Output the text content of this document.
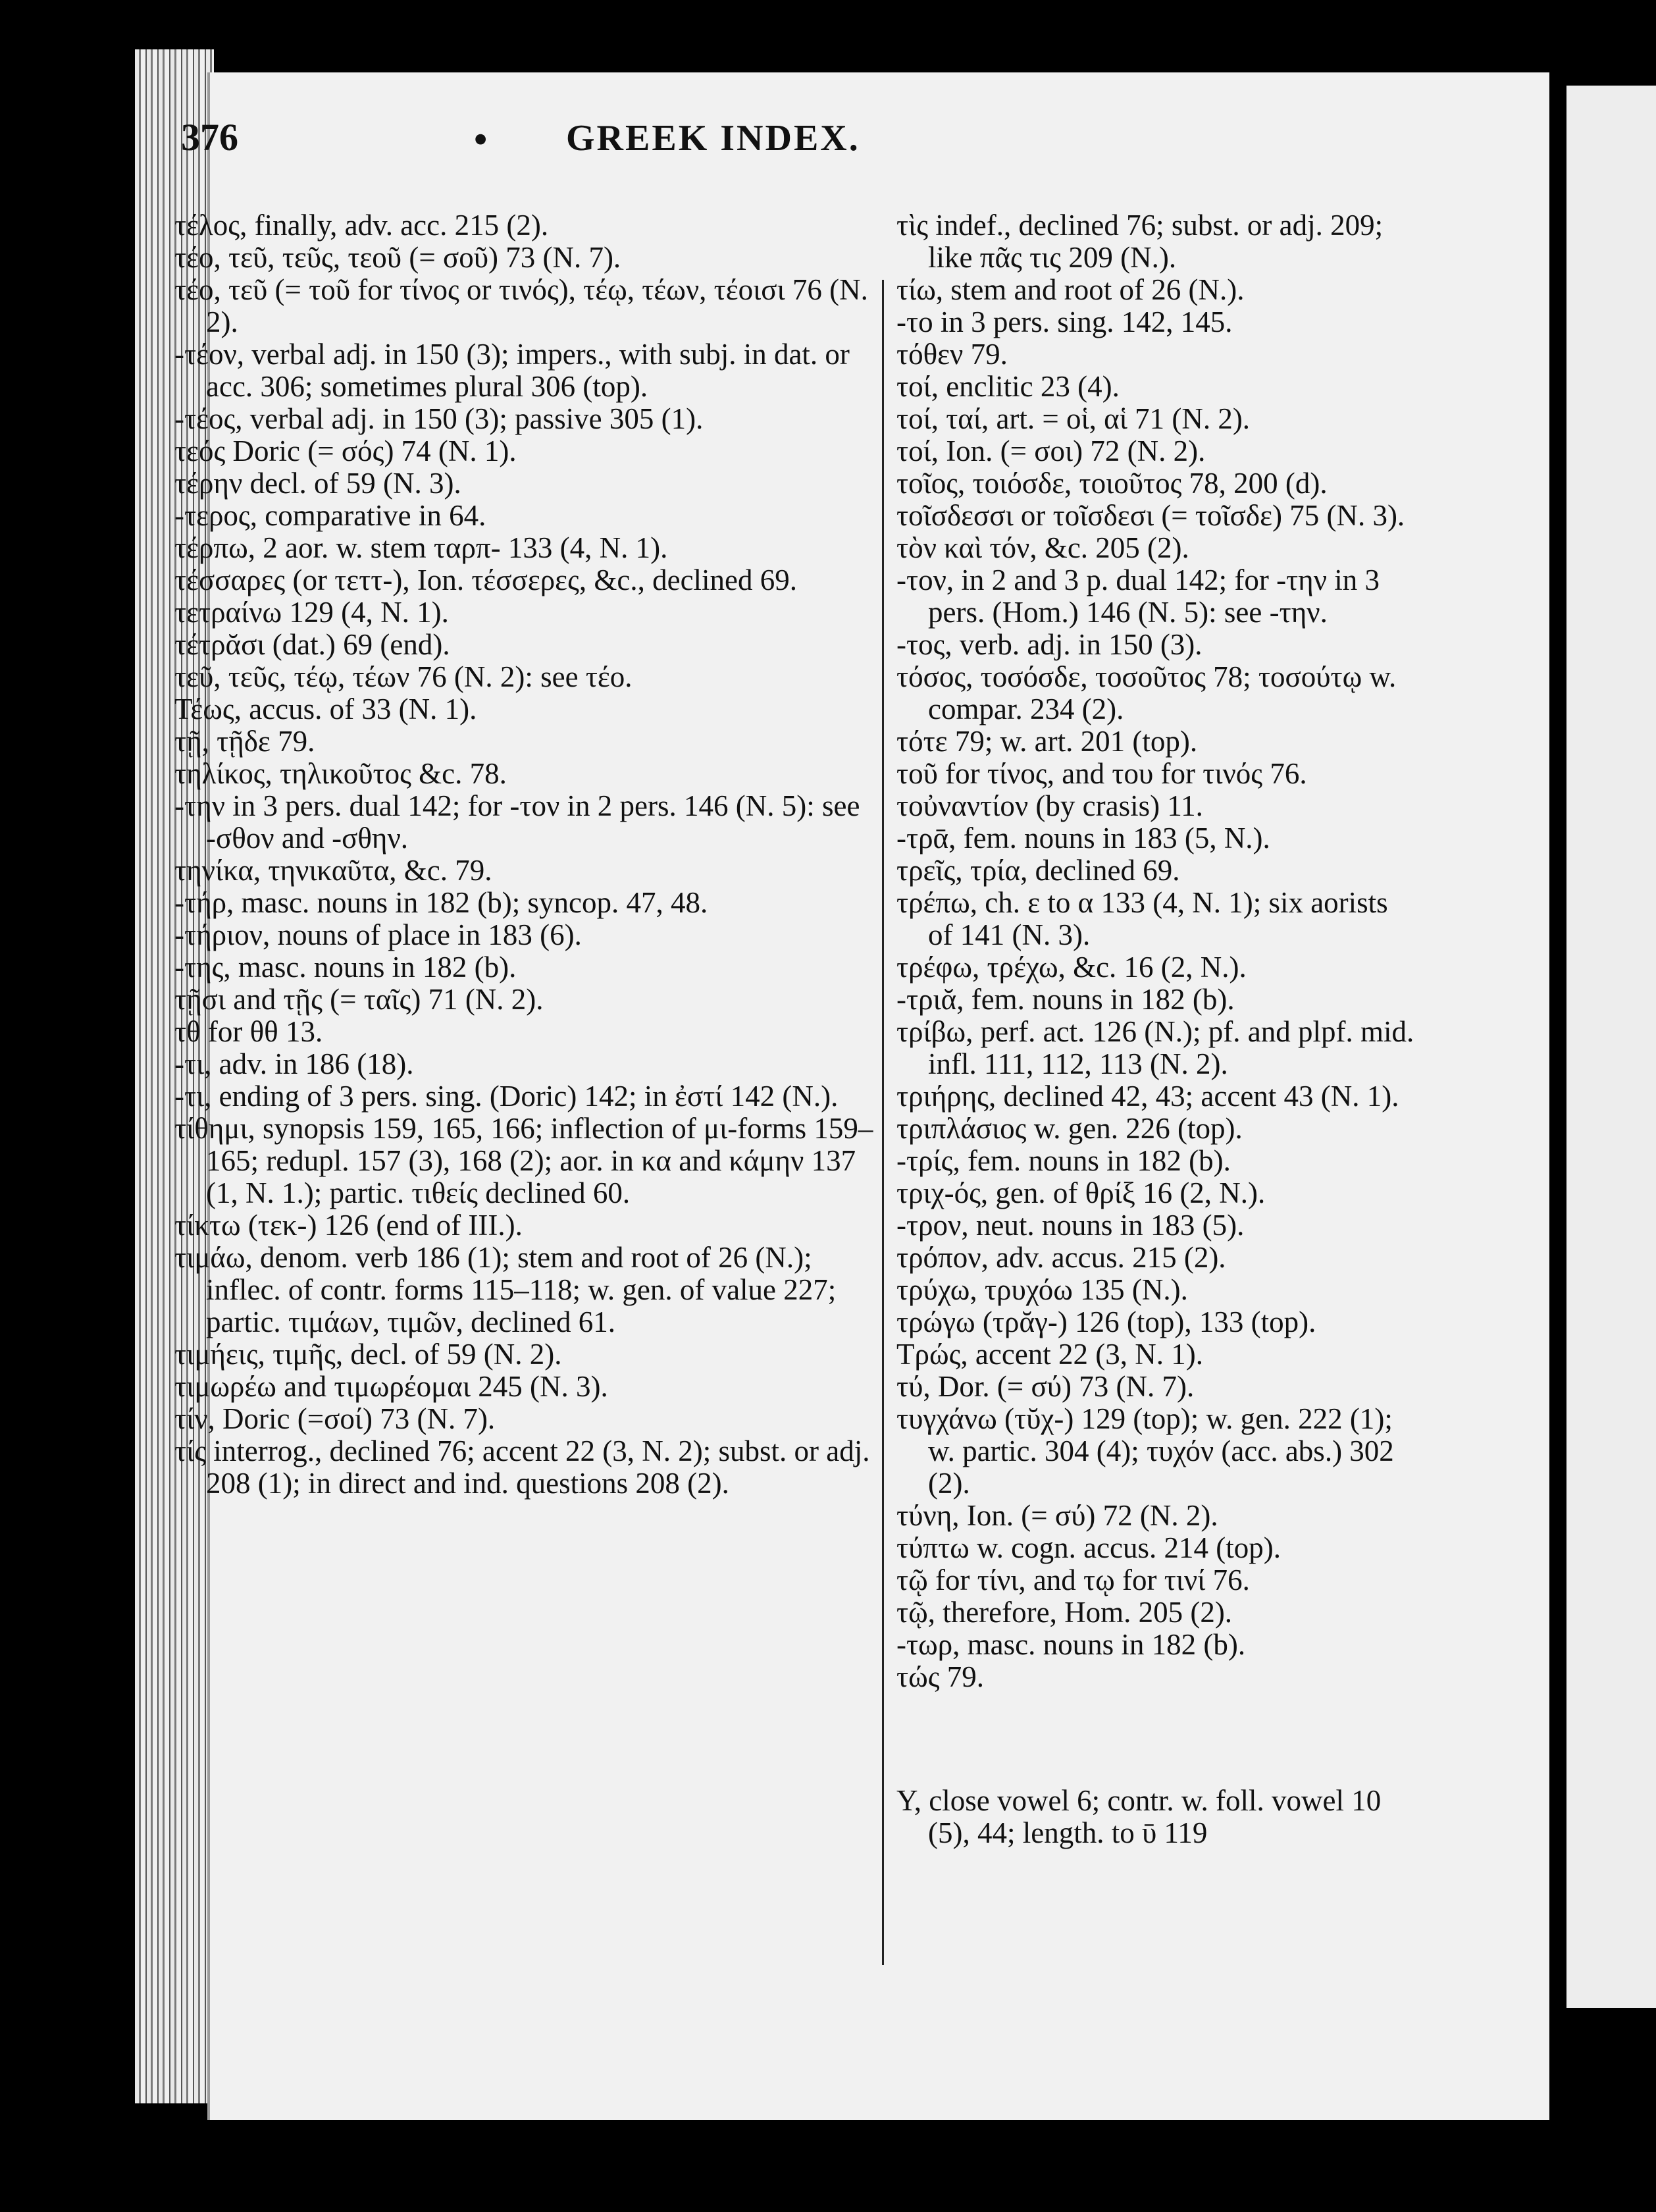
376	• GREEK INDEX.

τέλος, finally, adv. acc. 215 (2).

τέο, τεῦ, τεῦς, τεοῦ (= σοῦ) 73 (N. 7).

τέο, τεῦ (= τοῦ for τίνος or τινός), τέῳ, τέων, τέοισι 76 (N. 2).

-τέον, verbal adj. in 150 (3); impers., with subj. in dat. or acc. 306; sometimes plural 306 (top).

-τέος, verbal adj. in 150 (3); passive 305 (1).

τεός Doric (= σός) 74 (N. 1).

τέρην decl. of 59 (N. 3).

-τερος, comparative in 64.

τέρπω, 2 aor. w. stem ταρπ- 133 (4, N. 1).

τέσσαρες (or τεττ-), Ion. τέσσερες, &c., declined 69.

τετραίνω 129 (4, N. 1).

τέτρᾰσι (dat.) 69 (end).

τεῦ, τεῦς, τέῳ, τέων 76 (N. 2): see τέο.

Τέως, accus. of 33 (N. 1).

τῇ, τῇδε 79.

τηλίκος, τηλικοῦτος &c. 78.

-την in 3 pers. dual 142; for -τον in 2 pers. 146 (N. 5): see -σθον and -σθην.

τηνίκα, τηνικαῦτα, &c. 79.

-τήρ, masc. nouns in 182 (b); syncop. 47, 48.

-τήριον, nouns of place in 183 (6).

-της, masc. nouns in 182 (b).

τῇσι and τῇς (= ταῖς) 71 (N. 2).

τθ for θθ 13.

-τι, adv. in 186 (18).

-τι, ending of 3 pers. sing. (Doric) 142; in ἐστί 142 (N.).

τίθημι, synopsis 159, 165, 166; inflection of μι-forms 159–165; redupl. 157 (3), 168 (2); aor. in κα and κάμην 137 (1, N. 1.); partic. τιθείς declined 60.

τίκτω (τεκ-) 126 (end of III.).

τιμάω, denom. verb 186 (1); stem and root of 26 (N.); inflec. of contr. forms 115–118; w. gen. of value 227; partic. τιμάων, τιμῶν, declined 61.

τιμήεις, τιμῆς, decl. of 59 (N. 2).

τιμωρέω and τιμωρέομαι 245 (N. 3).

τίν, Doric (=σοί) 73 (N. 7).

τίς interrog., declined 76; accent 22 (3, N. 2); subst. or adj. 208 (1); in direct and ind. questions 208 (2).

τὶς indef., declined 76; subst. or adj. 209; like πᾶς τις 209 (N.).

τίω, stem and root of 26 (N.).

-το in 3 pers. sing. 142, 145.

τόθεν 79.

τοί, enclitic 23 (4).

τοί, ταί, art. = οἱ, αἱ 71 (N. 2).

τοί, Ion. (= σοι) 72 (N. 2).

τοῖος, τοιόσδε, τοιοῦτος 78, 200 (d).

τοῖσδεσσι or τοῖσδεσι (= τοῖσδε) 75 (N. 3).

τὸν καὶ τόν, &c. 205 (2).

-τον, in 2 and 3 p. dual 142; for -την in 3 pers. (Hom.) 146 (N. 5): see -την.

-τος, verb. adj. in 150 (3).

τόσος, τοσόσδε, τοσοῦτος 78; τοσούτῳ w. compar. 234 (2).

τότε 79; w. art. 201 (top).

τοῦ for τίνος, and του for τινός 76.

τοὐναντίον (by crasis) 11.

-τρᾱ, fem. nouns in 183 (5, N.).

τρεῖς, τρία, declined 69.

τρέπω, ch. ε to α 133 (4, N. 1); six aorists of 141 (N. 3).

τρέφω, τρέχω, &c. 16 (2, N.).

-τριᾰ, fem. nouns in 182 (b).

τρίβω, perf. act. 126 (N.); pf. and plpf. mid. infl. 111, 112, 113 (N. 2).

τριήρης, declined 42, 43; accent 43 (N. 1).

τριπλάσιος w. gen. 226 (top).

-τρίς, fem. nouns in 182 (b).

τριχ-ός, gen. of θρίξ 16 (2, N.).

-τρον, neut. nouns in 183 (5).

τρόπον, adv. accus. 215 (2).

τρύχω, τρυχόω 135 (N.).

τρώγω (τρᾰγ-) 126 (top), 133 (top).

Τρώς, accent 22 (3, N. 1).

τύ, Dor. (= σύ) 73 (N. 7).

τυγχάνω (τῠχ-) 129 (top); w. gen. 222 (1); w. partic. 304 (4); τυχόν (acc. abs.) 302 (2).

τύνη, Ion. (= σύ) 72 (N. 2).

τύπτω w. cogn. accus. 214 (top).

τῷ for τίνι, and τῳ for τινί 76.

τῷ, therefore, Hom. 205 (2).

-τωρ, masc. nouns in 182 (b).

τώς 79.

Υ, close vowel 6; contr. w. foll. vowel 10 (5), 44; length. to ῡ 119
